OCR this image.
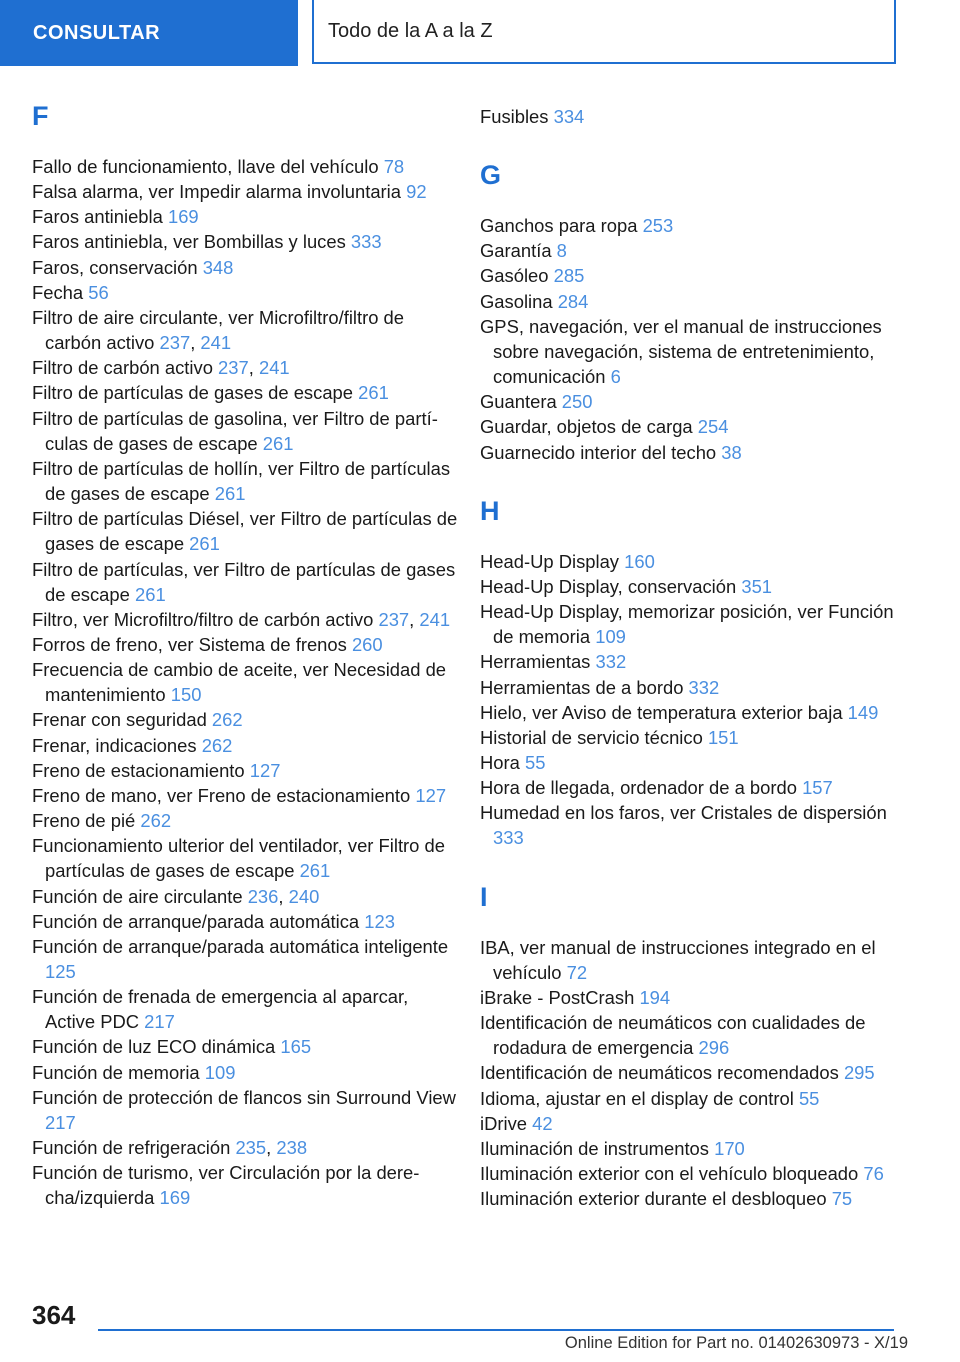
CONSULTAR	Todo de la A a la Z
F
Fallo de funcionamiento, llave del vehículo 78
Falsa alarma, ver Impedir alarma involuntaria 92
Faros antiniebla 169
Faros antiniebla, ver Bombillas y luces 333
Faros, conservación 348
Fecha 56
Filtro de aire circulante, ver Microfiltro/filtro de carbón activo 237, 241
Filtro de carbón activo 237, 241
Filtro de partículas de gases de escape 261
Filtro de partículas de gasolina, ver Filtro de partículas de gases de escape 261
Filtro de partículas de hollín, ver Filtro de partículas de gases de escape 261
Filtro de partículas Diésel, ver Filtro de partículas de gases de escape 261
Filtro de partículas, ver Filtro de partículas de gases de escape 261
Filtro, ver Microfiltro/filtro de carbón activo 237, 241
Forros de freno, ver Sistema de frenos 260
Frecuencia de cambio de aceite, ver Necesidad de mantenimiento 150
Frenar con seguridad 262
Frenar, indicaciones 262
Freno de estacionamiento 127
Freno de mano, ver Freno de estacionamiento 127
Freno de pié 262
Funcionamiento ulterior del ventilador, ver Filtro de partículas de gases de escape 261
Función de aire circulante 236, 240
Función de arranque/parada automática 123
Función de arranque/parada automática inteligente 125
Función de frenada de emergencia al aparcar, Active PDC 217
Función de luz ECO dinámica 165
Función de memoria 109
Función de protección de flancos sin Surround View 217
Función de refrigeración 235, 238
Función de turismo, ver Circulación por la derecha/izquierda 169
Fusibles 334
G
Ganchos para ropa 253
Garantía 8
Gasóleo 285
Gasolina 284
GPS, navegación, ver el manual de instrucciones sobre navegación, sistema de entretenimiento, comunicación 6
Guantera 250
Guardar, objetos de carga 254
Guarnecido interior del techo 38
H
Head-Up Display 160
Head-Up Display, conservación 351
Head-Up Display, memorizar posición, ver Función de memoria 109
Herramientas 332
Herramientas de a bordo 332
Hielo, ver Aviso de temperatura exterior baja 149
Historial de servicio técnico 151
Hora 55
Hora de llegada, ordenador de a bordo 157
Humedad en los faros, ver Cristales de dispersión 333
I
IBA, ver manual de instrucciones integrado en el vehículo 72
iBrake - PostCrash 194
Identificación de neumáticos con cualidades de rodadura de emergencia 296
Identificación de neumáticos recomendados 295
Idioma, ajustar en el display de control 55
iDrive 42
Iluminación de instrumentos 170
Iluminación exterior con el vehículo bloqueado 76
Iluminación exterior durante el desbloqueo 75
364
Online Edition for Part no. 01402630973 - X/19
